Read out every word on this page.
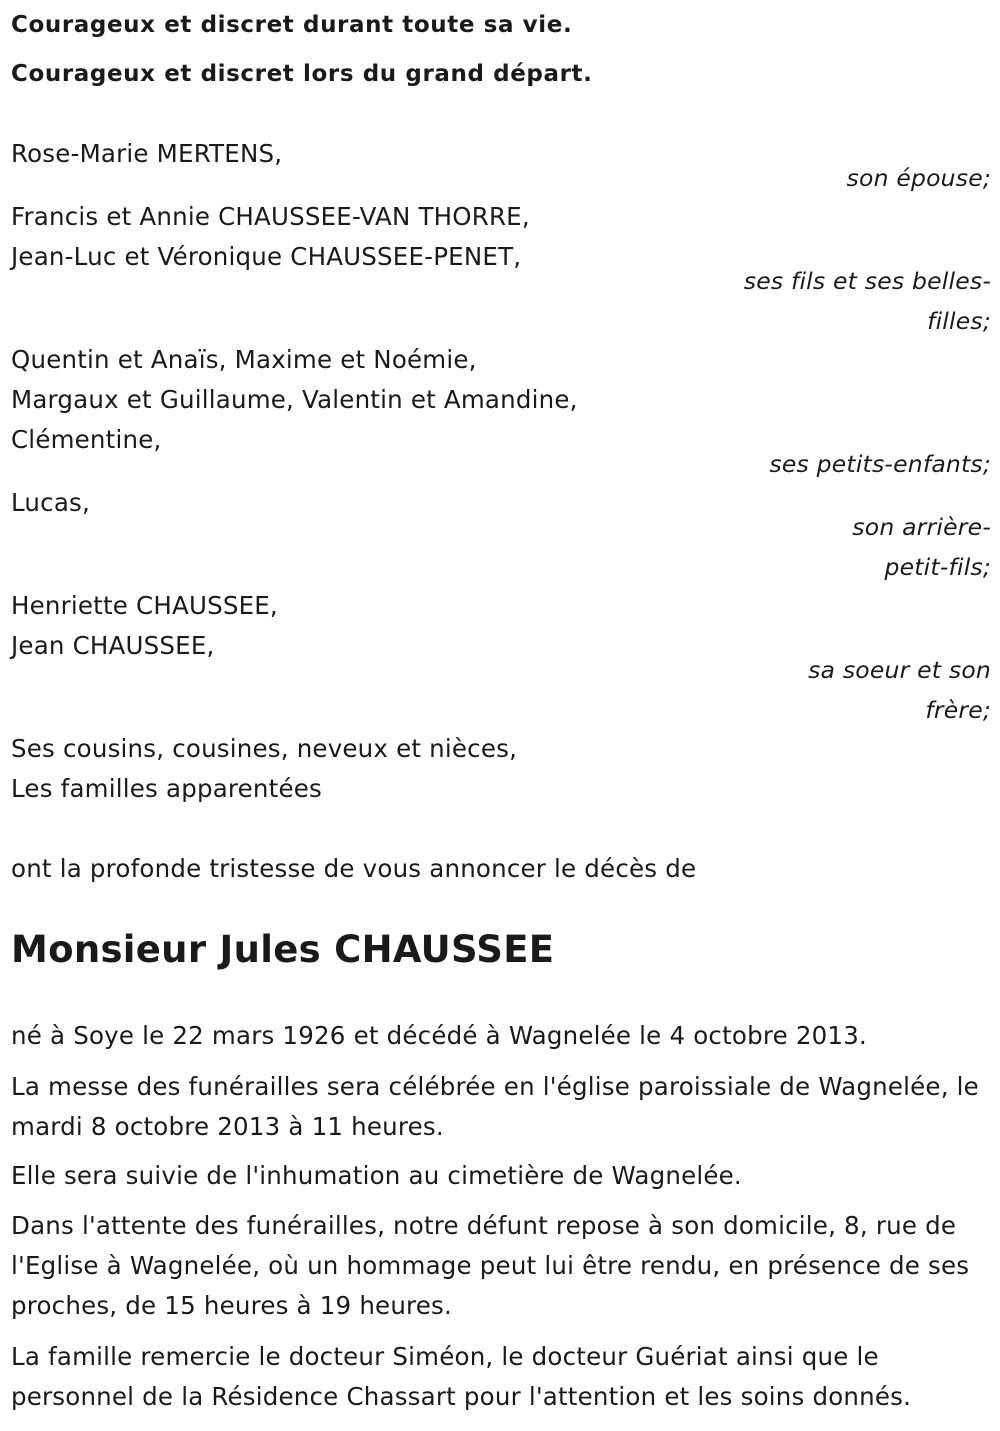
Courageux et discret durant toute sa vie.
Courageux et discret lors du grand départ.
Rose-Marie MERTENS,
son épouse;
Francis et Annie CHAUSSEE-VAN THORRE,
Jean-Luc et Véronique CHAUSSEE-PENET,
ses fils et ses belles-
filles;
Quentin et Anaïs, Maxime et Noémie,
Margaux et Guillaume, Valentin et Amandine,
Clémentine,
ses petits-enfants;
Lucas,
son arrière-
petit-fils;
Henriette CHAUSSEE,
Jean CHAUSSEE,
sa soeur et son
frère;
Ses cousins, cousines, neveux et nièces,
Les familles apparentées
ont la profonde tristesse de vous annoncer le décès de
Monsieur Jules CHAUSSEE
né à Soye le 22 mars 1926 et décédé à Wagnelée le 4 octobre 2013.
La messe des funérailles sera célébrée en l'église paroissiale de Wagnelée, le mardi 8 octobre 2013 à 11 heures.
Elle sera suivie de l'inhumation au cimetière de Wagnelée.
Dans l'attente des funérailles, notre défunt repose à son domicile, 8, rue de l'Eglise à Wagnelée, où un hommage peut lui être rendu, en présence de ses proches, de 15 heures à 19 heures.
La famille remercie le docteur Siméon, le docteur Guériat ainsi que le personnel de la Résidence Chassart pour l'attention et les soins donnés.
